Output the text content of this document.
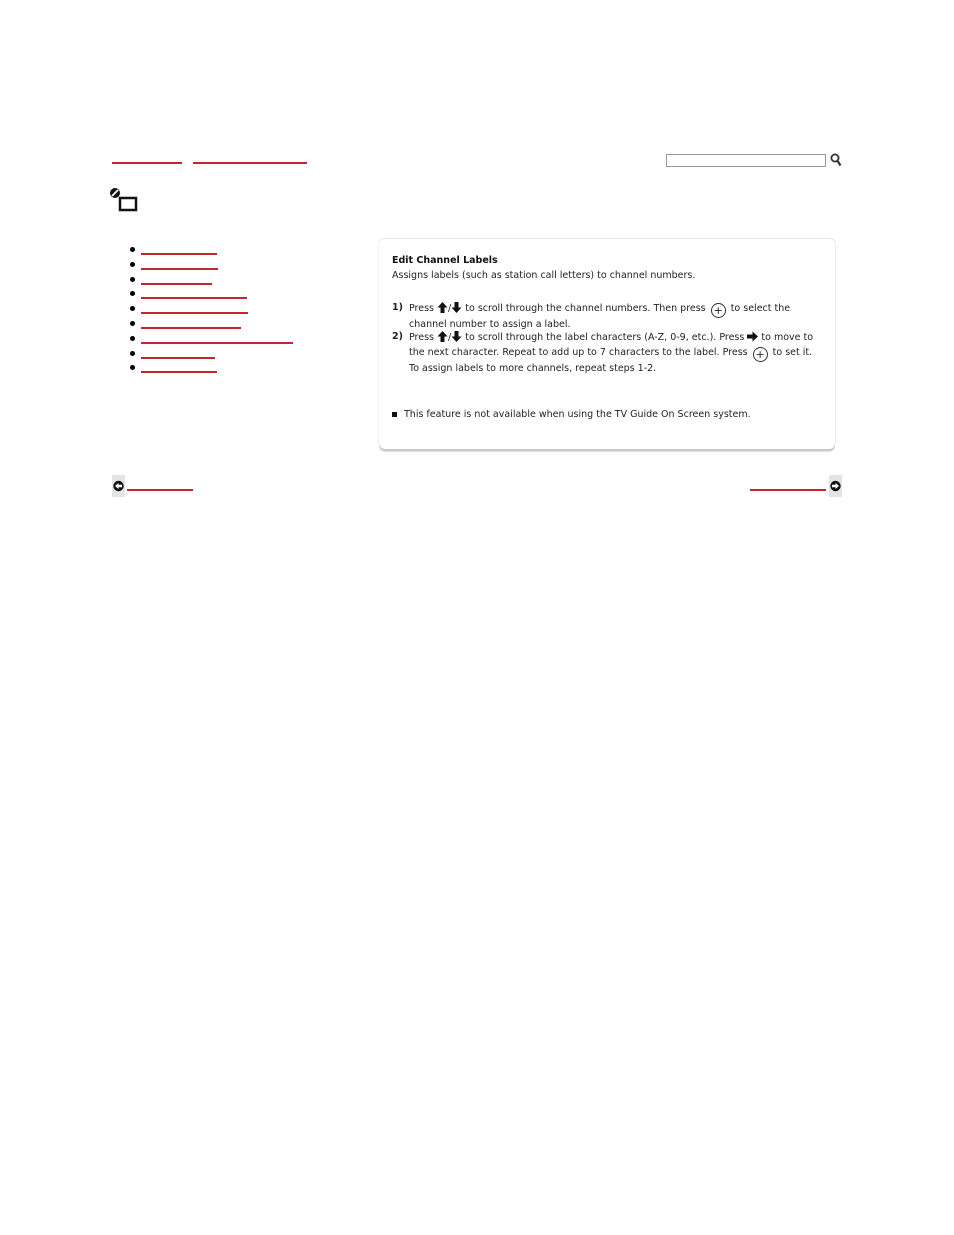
Edit Channel Labels

Assigns labels (such as station call letters) to channel numbers.

1) Press / to scroll through the channel numbers. Then press + to select the channel number to assign a label.
2) Press / to scroll through the label characters (A-Z, 0-9, etc.). Press to move to the next character. Repeat to add up to 7 characters to the label. Press + to set it. To assign labels to more channels, repeat steps 1-2.
This feature is not available when using the TV Guide On Screen system.
